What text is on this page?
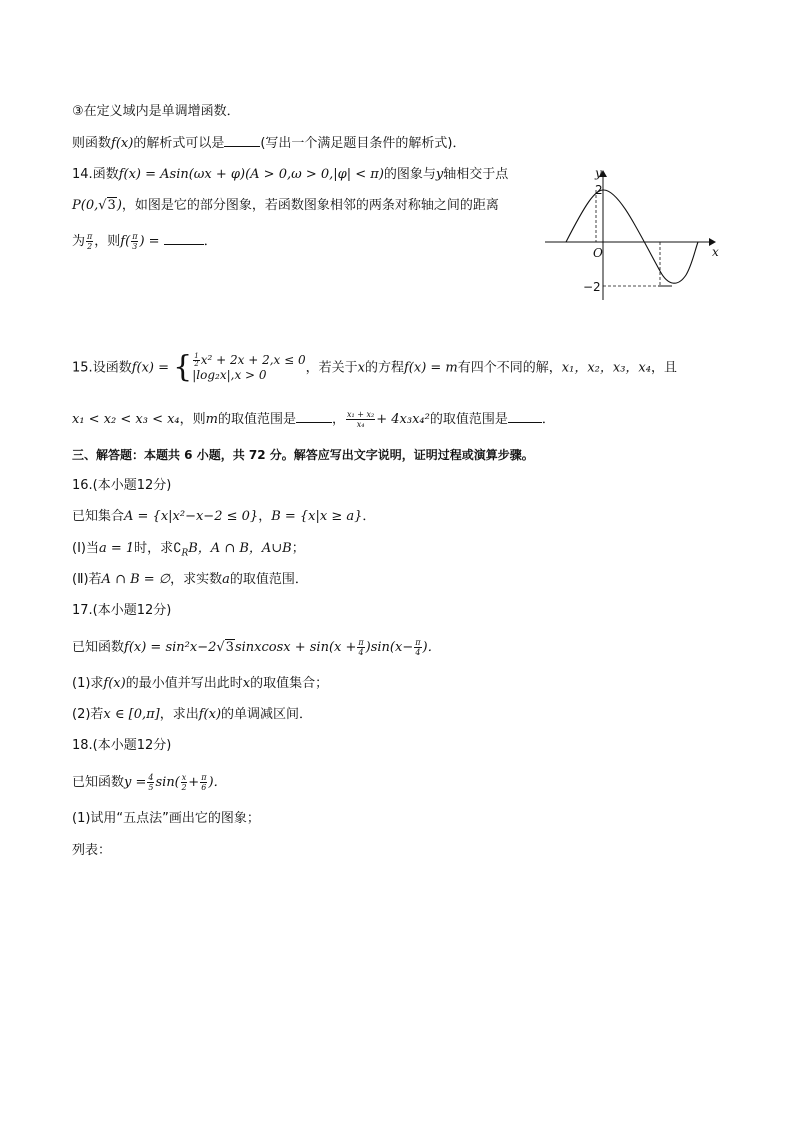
③在定义域内是单调增函数．
则函数f(x)的解析式可以是	(写出一个满足题目条件的解析式)．
14.函数f(x) = Asin(ωx + φ)(A > 0,ω > 0,|φ| < π)的图象与y轴相交于点
P(0,√3)，如图是它的部分图象，若函数图象相邻的两条对称轴之间的距离
为 $\frac{\pi}{2}$ ，则$f( \frac{\pi}{3}$ ) =	．
y
x
O
2
−2
15.设函数f(x) = { $\frac{1}{2} x^2 + 2x + 2,x \le 0$
|log₂x|,x > 0	，若关于x的方程f(x) = m有四个不同的解，x₁，x₂，x₃，x₄，且
x₁ < x₂ < x₃ < x₄，则m的取值范围是	， $\frac{\text{x₁ + x₂}}{\text{x₄}} + 4x_3x_4^2$的取值范围是	．
三、解答题：本题共 6 小题，共 72 分。解答应写出文字说明，证明过程或演算步骤。
16.(本小题12分)
已知集合A = {x|x²−x−2 ≤ 0}，B = {x|x ≥ a}．
(Ⅰ)当a = 1时，求$∁_RB$，A ∩ B，A∪B；
(Ⅱ)若A ∩ B = ∅，求实数a的取值范围．
17.(本小题12分)
已知函数f(x) = sin²x−2√3sinxcosx + $\sin(x + \frac{\pi}{4} )\sin(x- \frac{\pi}{4}$ )．
(1)求f(x)的最小值并写出此时x的取值集合；
(2)若x ∈ [0,π]，求出f(x)的单调减区间．
18.(本小题12分)
已知函数$y = \frac{4}{5} \sin( \frac{x}{2} + \frac{\pi}{6}$ )．
(1)试用“五点法”画出它的图象；
列表：
